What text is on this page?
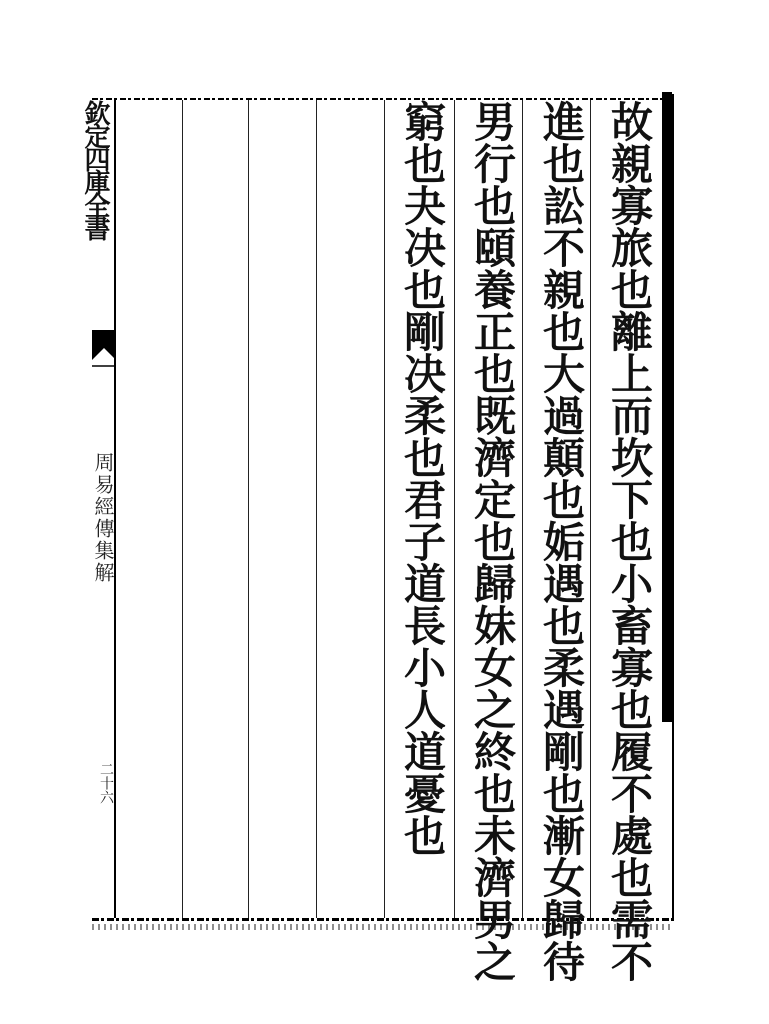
欽定四庫全書
周易經傳集解
二十六	故親寡旅也離上而坎下也小畜寡也履不處也需不
進也訟不親也大過顛也姤遇也柔遇剛也漸女歸待
男行也頤養正也既濟定也歸妹女之終也未濟男之
窮也夬决也剛决柔也君子道長小人道憂也
